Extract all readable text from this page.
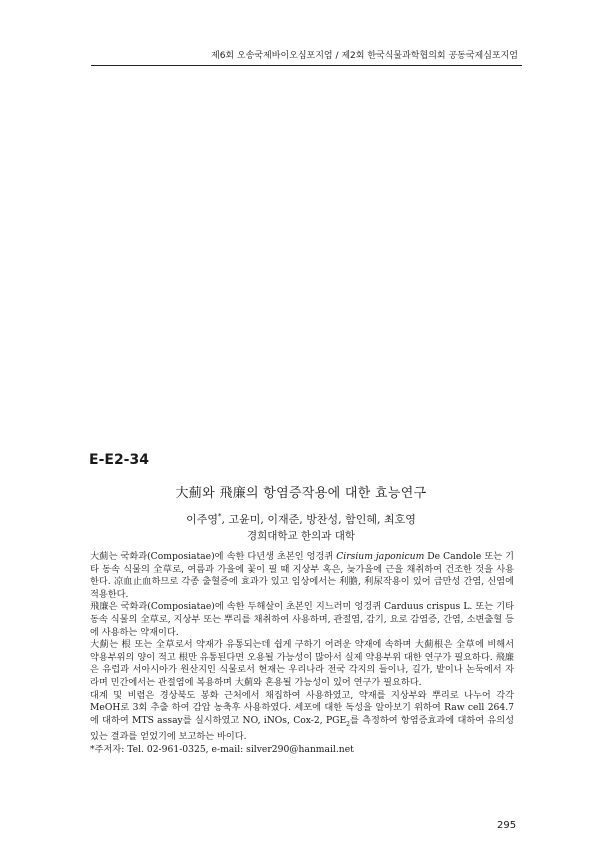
제6회 오송국제바이오심포지엄 / 제2회 한국식물과학협의회 공동국제심포지엄
E-E2-34
大薊와 飛廉의 항염증작용에 대한 효능연구
이주영*, 고윤미, 이재준, 방찬성, 함인혜, 최호영
경희대학교 한의과 대학

大薊는 국화과(Composiatae)에 속한 다년생 초본인 엉겅퀴 Cirsium japonicum De Candole 또는 기타 동속 식물의 全草로, 여름과 가을에 꽃이 필 때 지상부 혹은, 늦가을에 근을 채취하여 건조한 것을 사용한다. 凉血止血하므로 각종 출혈증에 효과가 있고 임상에서는 利膽, 利尿작용이 있어 급만성 간염, 신염에 적용한다.

飛廉은 국화과(Composiatae)에 속한 두해살이 초본인 지느러미 엉겅퀴 Carduus crispus L. 또는 기타 동속 식물의 全草로, 지상부 또는 뿌리를 채취하여 사용하며, 관절염, 감기, 요로 감염증, 간염, 소변출혈 등에 사용하는 약재이다.

大薊는 根 또는 全草로서 약재가 유통되는데 쉽게 구하기 어려운 약재에 속하며 大薊根은 全草에 비해서 약용부위의 양이 적고 根만 유통된다면 오용될 가능성이 많아서 실제 약용부위 대한 연구가 필요하다. 飛廉은 유럽과 서아시아가 원산지인 식물로서 현재는 우리나라 전국 각지의 들이나, 길가, 밭이나 논둑에서 자라며 민간에서는 관절염에 복용하며 大薊와 혼용될 가능성이 있어 연구가 필요하다.

대계 및 비렴은 경상북도 봉화 근처에서 채집하여 사용하였고, 약재를 지상부와 뿌리로 나누어 각각 MeOH로 3회 추출 하여 감압 농축후 사용하였다. 세포에 대한 독성을 알아보기 위하여 Raw cell 264.7 에 대하여 MTS assay를 실시하였고 NO, iNOs, Cox-2, $PGE_2$를 측정하여 항염증효과에 대하여 유의성 있는 결과를 얻었기에 보고하는 바이다.

*주저자: Tel. 02-961-0325, e-mail: silver290@hanmail.net

295
